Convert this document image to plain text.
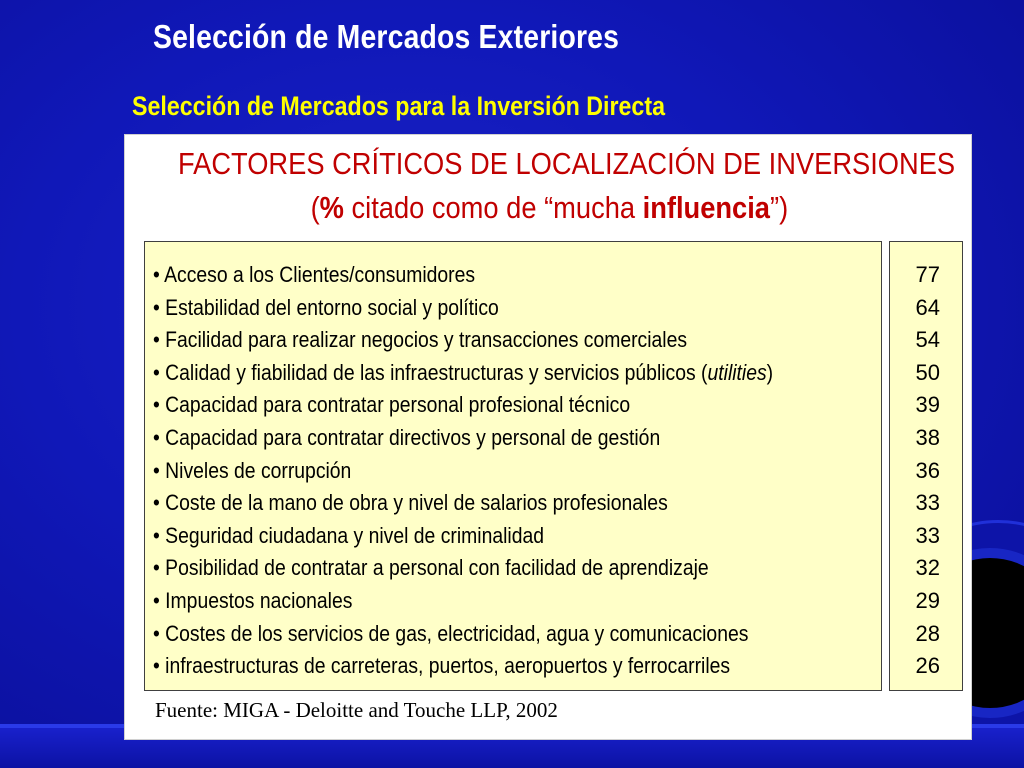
Selección de Mercados Exteriores
Selección de Mercados para la Inversión Directa
FACTORES CRÍTICOS DE LOCALIZACIÓN DE INVERSIONES

(% citado como de “mucha influencia”)

• Acceso a los Clientes/consumidores
• Estabilidad del entorno social y político
• Facilidad para realizar negocios y transacciones comerciales
• Calidad y fiabilidad de las infraestructuras y servicios públicos (utilities)
• Capacidad para contratar personal profesional técnico
• Capacidad para contratar directivos y personal de gestión
• Niveles de corrupción
• Coste de la mano de obra y nivel de salarios profesionales
• Seguridad ciudadana y nivel de criminalidad
• Posibilidad de contratar a personal con facilidad de aprendizaje
• Impuestos nacionales
• Costes de los servicios de gas, electricidad, agua y comunicaciones
• infraestructuras de carreteras, puertos, aeropuertos y ferrocarriles
77
64
54
50
39
38
36
33
33
32
29
28
26

Fuente: MIGA - Deloitte and Touche LLP, 2002
